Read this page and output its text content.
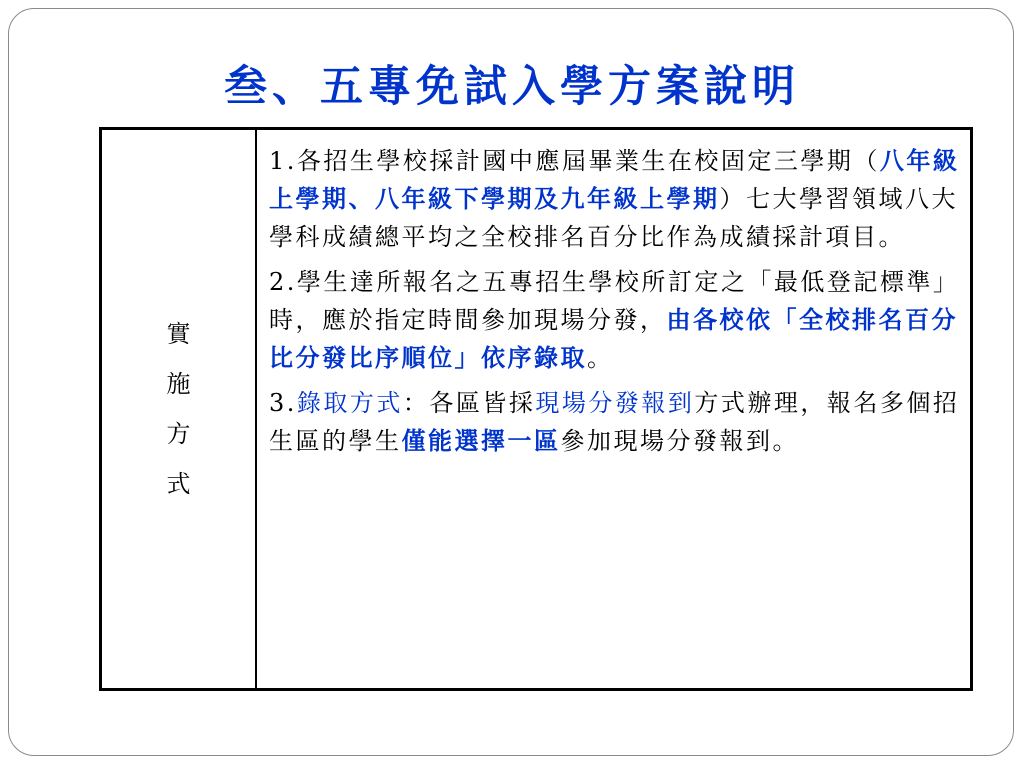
叁、五專免試入學方案說明
實施方式

1.各招生學校採計國中應屆畢業生在校固定三學期（八年級上學期、八年級下學期及九年級上學期）七大學習領域八大學科成績總平均之全校排名百分比作為成績採計項目。

2.學生達所報名之五專招生學校所訂定之「最低登記標準」時，應於指定時間參加現場分發，由各校依「全校排名百分比分發比序順位」依序錄取。

3.錄取方式：各區皆採現場分發報到方式辦理，報名多個招生區的學生僅能選擇一區參加現場分發報到。
